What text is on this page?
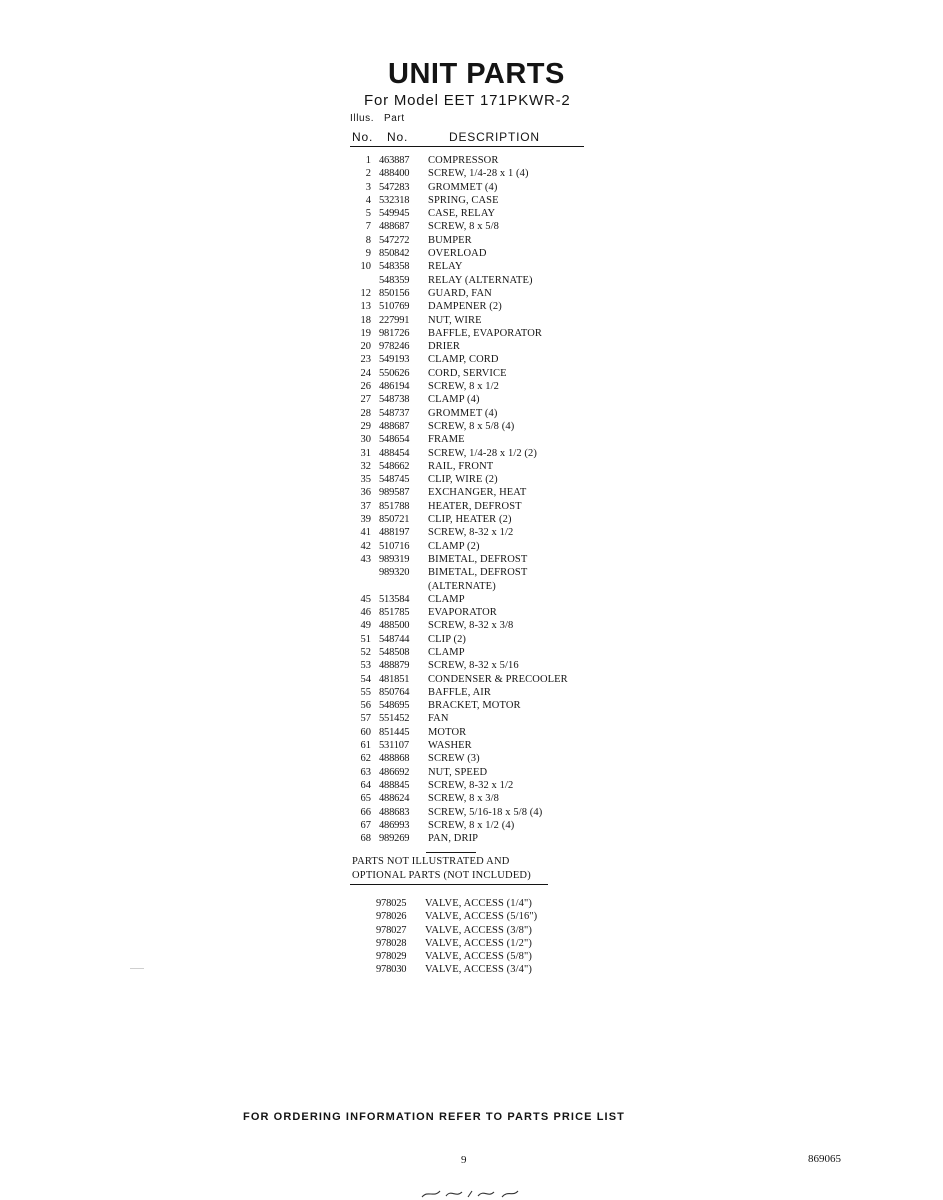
UNIT PARTS
For Model EET 171PKWR-2
Illus. Part
No. No.	DESCRIPTION
1 463887 COMPRESSOR
2 488400 SCREW, 1/4-28 x 1 (4)
3 547283 GROMMET (4)
4 532318 SPRING, CASE
5 549945 CASE, RELAY
7 488687 SCREW, 8 x 5/8
8 547272 BUMPER
9 850842 OVERLOAD
10 548358 RELAY
548359 RELAY (ALTERNATE)
12 850156 GUARD, FAN
13 510769 DAMPENER (2)
18 227991 NUT, WIRE
19 981726 BAFFLE, EVAPORATOR
20 978246 DRIER
23 549193 CLAMP, CORD
24 550626 CORD, SERVICE
26 486194 SCREW, 8 x 1/2
27 548738 CLAMP (4)
28 548737 GROMMET (4)
29 488687 SCREW, 8 x 5/8 (4)
30 548654 FRAME
31 488454 SCREW, 1/4-28 x 1/2 (2)
32 548662 RAIL, FRONT
35 548745 CLIP, WIRE (2)
36 989587 EXCHANGER, HEAT
37 851788 HEATER, DEFROST
39 850721 CLIP, HEATER (2)
41 488197 SCREW, 8-32 x 1/2
42 510716 CLAMP (2)
43 989319 BIMETAL, DEFROST
989320 BIMETAL, DEFROST
(ALTERNATE)
45 513584 CLAMP
46 851785 EVAPORATOR
49 488500 SCREW, 8-32 x 3/8
51 548744 CLIP (2)
52 548508 CLAMP
53 488879 SCREW, 8-32 x 5/16
54 481851 CONDENSER & PRECOOLER
55 850764 BAFFLE, AIR
56 548695 BRACKET, MOTOR
57 551452 FAN
60 851445 MOTOR
61 531107 WASHER
62 488868 SCREW (3)
63 486692 NUT, SPEED
64 488845 SCREW, 8-32 x 1/2
65 488624 SCREW, 8 x 3/8
66 488683 SCREW, 5/16-18 x 5/8 (4)
67 486993 SCREW, 8 x 1/2 (4)
68 989269 PAN, DRIP
PARTS NOT ILLUSTRATED AND
OPTIONAL PARTS (NOT INCLUDED)
978025 VALVE, ACCESS (1/4")
978026 VALVE, ACCESS (5/16")
978027 VALVE, ACCESS (3/8")
978028 VALVE, ACCESS (1/2")
978029 VALVE, ACCESS (5/8")
978030 VALVE, ACCESS (3/4")
FOR ORDERING INFORMATION REFER TO PARTS PRICE LIST
9	869065
